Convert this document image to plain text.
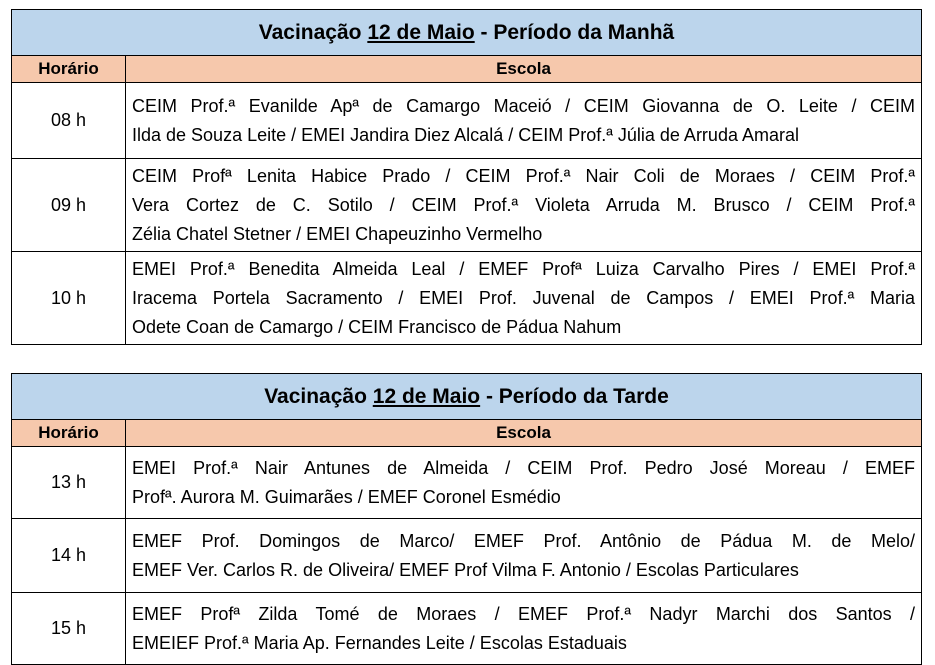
Vacinação 12 de Maio - Período da Manhã	
Horário	Escola
08 h	CEIM Prof.ª Evanilde Apª de Camargo Maceió / CEIM Giovanna de O. Leite / CEIM
Ilda de Souza Leite / EMEI Jandira Diez Alcalá / CEIM Prof.ª Júlia de Arruda Amaral

09 h	CEIM Profª Lenita Habice Prado / CEIM Prof.ª Nair Coli de Moraes / CEIM Prof.ª
Vera Cortez de C. Sotilo / CEIM Prof.ª Violeta Arruda M. Brusco / CEIM Prof.ª
Zélia Chatel Stetner / EMEI Chapeuzinho Vermelho

10 h	EMEI Prof.ª Benedita Almeida Leal / EMEF Profª Luiza Carvalho Pires / EMEI Prof.ª
Iracema Portela Sacramento / EMEI Prof. Juvenal de Campos / EMEI Prof.ª Maria
Odete Coan de Camargo / CEIM Francisco de Pádua Nahum
Vacinação 12 de Maio - Período da Tarde	
Horário	Escola
13 h	EMEI Prof.ª Nair Antunes de Almeida / CEIM Prof. Pedro José Moreau / EMEF
Profª. Aurora M. Guimarães / EMEF Coronel Esmédio

14 h	EMEF Prof. Domingos de Marco/ EMEF Prof. Antônio de Pádua M. de Melo/
EMEF Ver. Carlos R. de Oliveira/ EMEF Prof Vilma F. Antonio / Escolas Particulares

15 h	EMEF Profª Zilda Tomé de Moraes / EMEF Prof.ª Nadyr Marchi dos Santos /
EMEIEF Prof.ª Maria Ap. Fernandes Leite / Escolas Estaduais
